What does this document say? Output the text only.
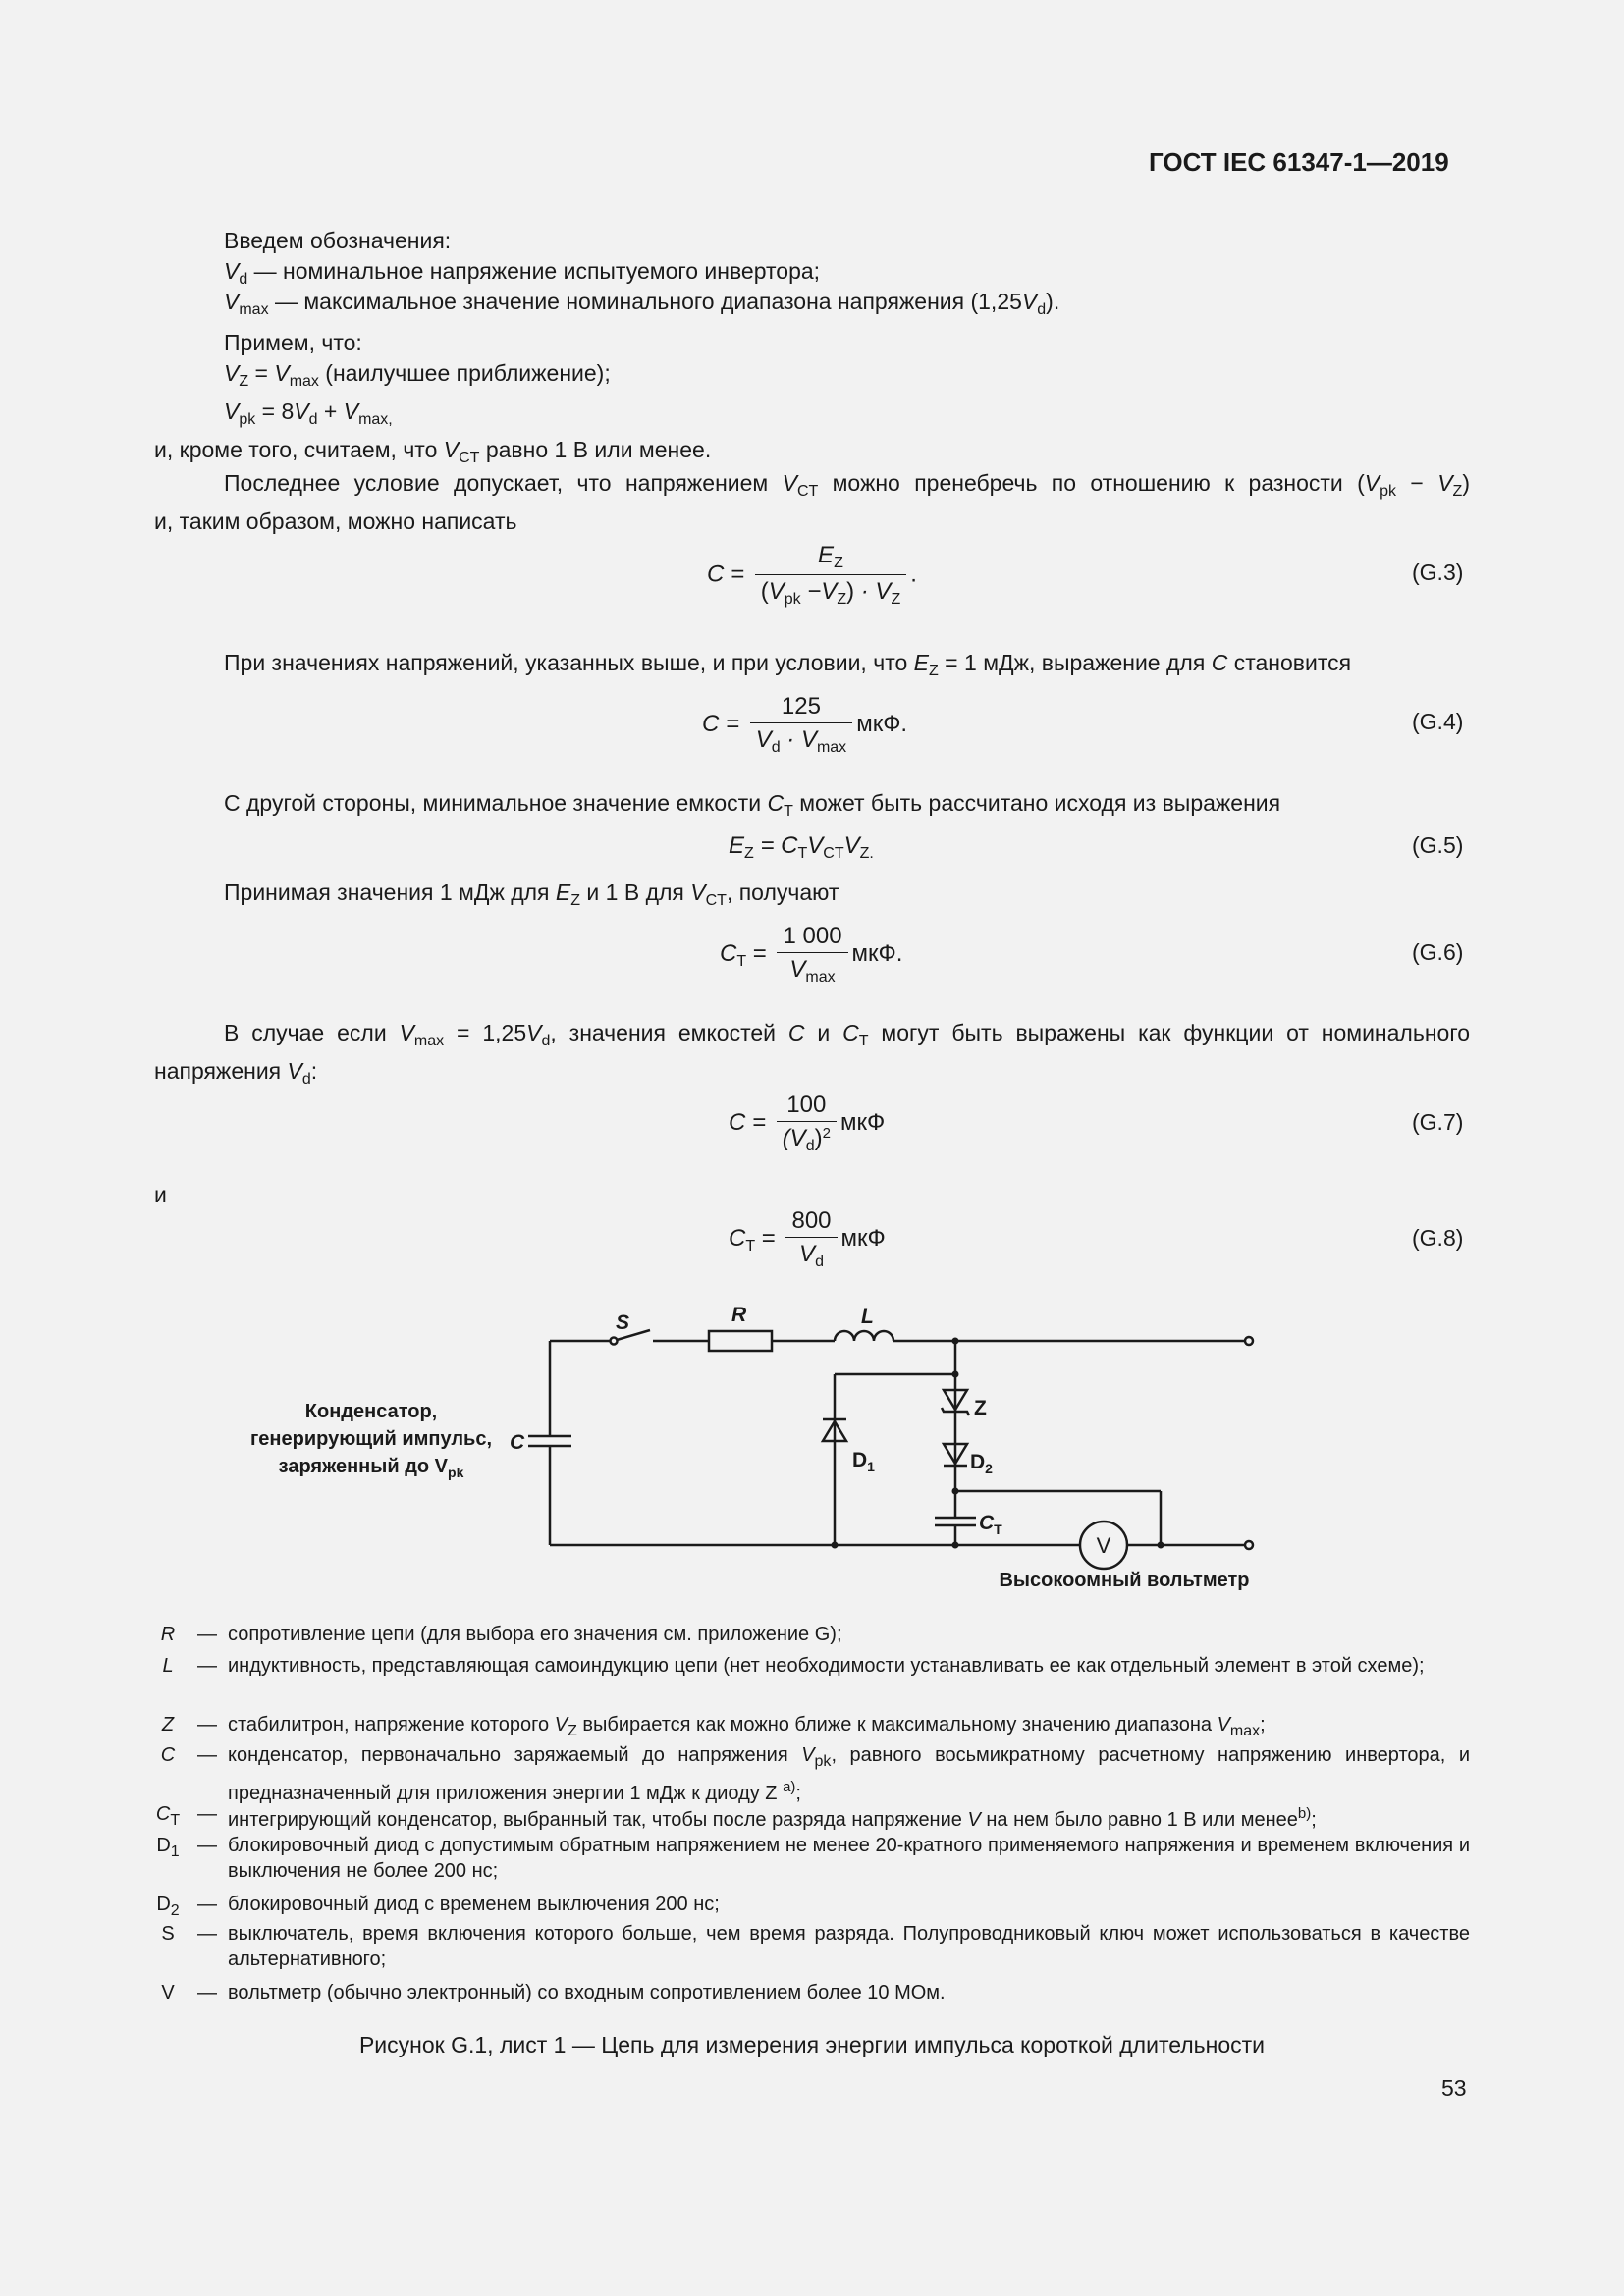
ГОСТ IEC 61347-1—2019
Введем обозначения:
$V_d$ — номинальное напряжение испытуемого инвертора;
$V_{max}$ — максимальное значение номинального диапазона напряжения $(1,25V_d)$.
Примем, что:
$V_Z = V_{max}$ (наилучшее приближение);
$V_{pk} = 8V_d + V_{max,}$
и, кроме того, считаем, что $V_{CT}$ равно 1 В или менее.
Последнее условие допускает, что напряжением $V_{CT}$ можно пренебречь по отношению к разности $(V_{pk} - V_Z)$
и, таким образом, можно написать
$C = \frac{E_Z}{(V_{pk} -V_Z) \cdot V_Z}$ .	(G.3)
При значениях напряжений, указанных выше, и при условии, что $E_Z = 1$ мДж, выражение для C становится
$C = \frac{125}{V_d \cdot V_{max}}$ мкФ.	(G.4)
С другой стороны, минимальное значение емкости $C_T$ может быть рассчитано исходя из выражения
$E_Z = C_TV_{CT}V_{Z.}$	(G.5)
Принимая значения 1 мДж для $E_Z$ и 1 В для $V_{CT}$, получают
$C_T = \frac{1 000}{V_{max}}$ мкФ.	(G.6)
В случае если $V_{max} = 1,25V_d$, значения емкостей C и $C_T$ могут быть выражены как функции от номинального
напряжения $V_d$:
$C = \frac{100}{(V_d)^2}$ мкФ	(G.7)
и
$C_T = \frac{800}{V_d}$ мкФ	(G.8)
Конденсатор,
генерирующий импульс,
заряженный до $V_{pk}$
C
S	R	L
Z
$D_1$	$D_2$
$C_T$
V
Высокоомный вольтметр
R	— сопротивление цепи (для выбора его значения см. приложение G);
L	— индуктивность, представляющая самоиндукцию цепи (нет необходимости устанавливать ее как отдельный элемент в этой схеме);
Z	— стабилитрон, напряжение которого $V_Z$ выбирается как можно ближе к максимальному значению диапазона $V_{max}$;
C	— конденсатор, первоначально заряжаемый до напряжения $V_{pk}$, равного восьмикратному расчетному напряжению инвертора, и предназначенный для приложения энергии 1 мДж к диоду Z $^{a)}$;
$C_T$ — интегрирующий конденсатор, выбранный так, чтобы после разряда напряжение V на нем было равно 1 В или менее$^{b)}$;
$D_1$ — блокировочный диод с допустимым обратным напряжением не менее 20-кратного применяемого напряжения и временем включения и выключения не более 200 нс;
$D_2$ — блокировочный диод с временем выключения 200 нс;
S	— выключатель, время включения которого больше, чем время разряда. Полупроводниковый ключ может использоваться в качестве альтернативного;
V	— вольтметр (обычно электронный) со входным сопротивлением более 10 МОм.
Рисунок G.1, лист 1 — Цепь для измерения энергии импульса короткой длительности
53
